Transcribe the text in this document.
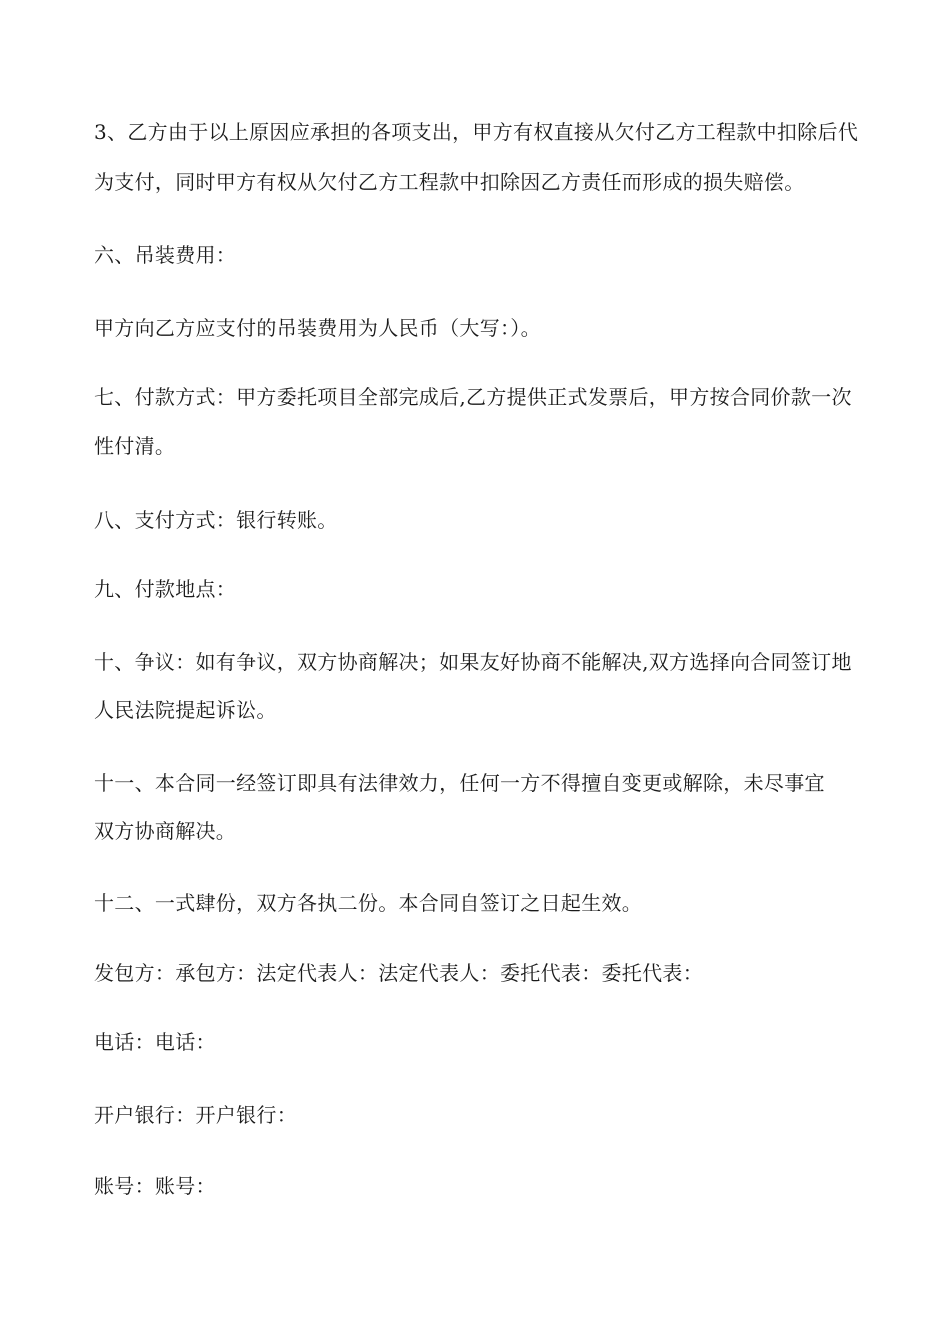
3、乙方由于以上原因应承担的各项支出，甲方有权直接从欠付乙方工程款中扣除后代
为支付，同时甲方有权从欠付乙方工程款中扣除因乙方责任而形成的损失赔偿。
六、吊装费用：
甲方向乙方应支付的吊装费用为人民币（大写：）。
七、付款方式：甲方委托项目全部完成后,乙方提供正式发票后，甲方按合同价款一次
性付清。
八、支付方式：银行转账。
九、付款地点：
十、争议：如有争议，双方协商解决；如果友好协商不能解决,双方选择向合同签订地
人民法院提起诉讼。
十一、本合同一经签订即具有法律效力，任何一方不得擅自变更或解除，未尽事宜
双方协商解决。
十二、一式肆份，双方各执二份。本合同自签订之日起生效。
发包方：承包方：法定代表人：法定代表人：委托代表：委托代表：
电话：电话：
开户银行：开户银行：
账号：账号：
